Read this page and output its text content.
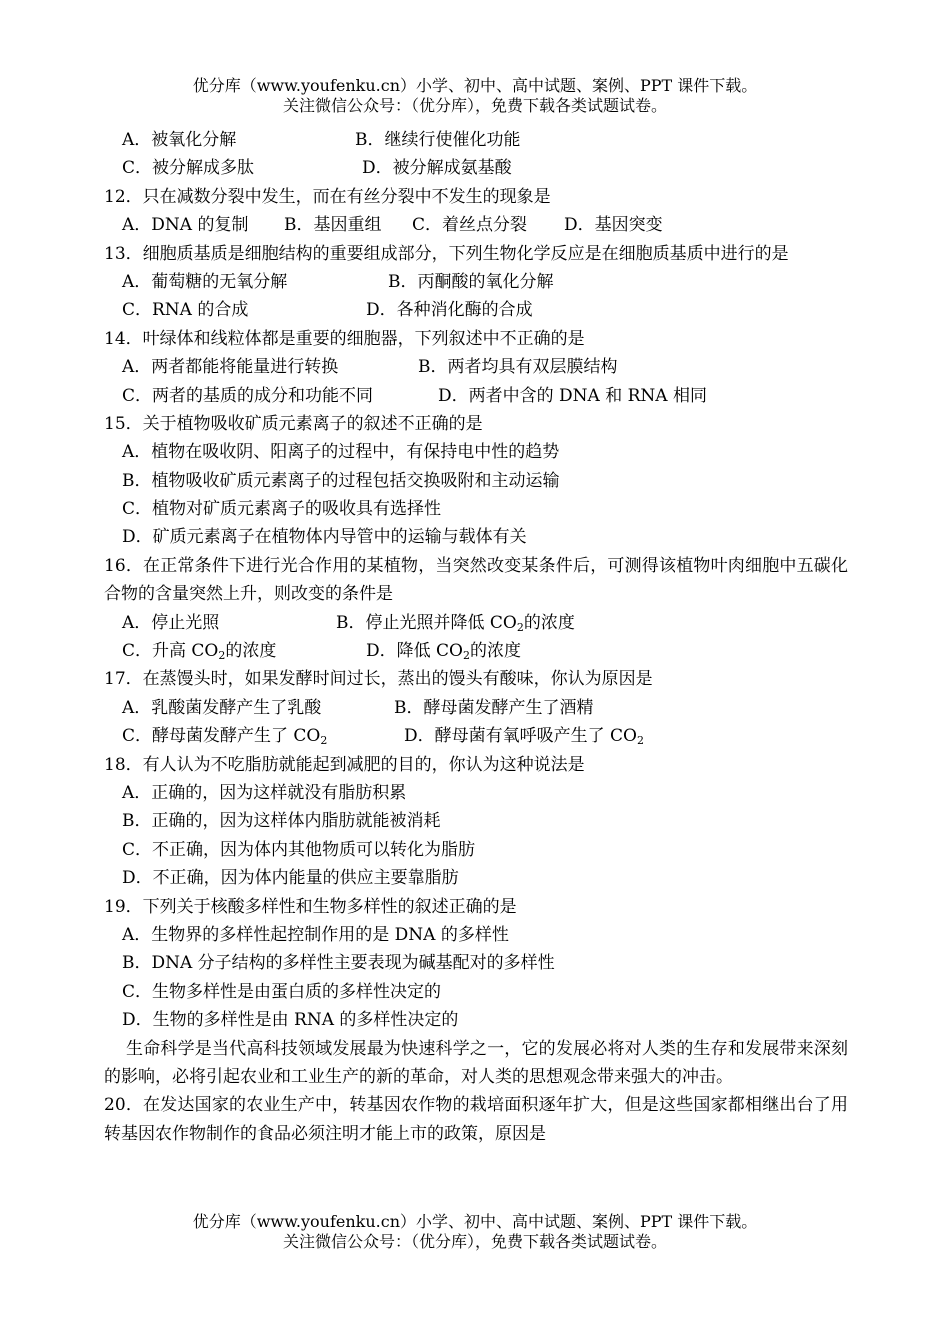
优分库（www.youfenku.cn）小学、初中、高中试题、案例、PPT 课件下载。
关注微信公众号：（优分库），免费下载各类试题试卷。
A．被氧化分解	B．继续行使催化功能
C．被分解成多肽	D．被分解成氨基酸
12．只在减数分裂中发生，而在有丝分裂中不发生的现象是
A．DNA 的复制 B．基因重组 C．着丝点分裂 D．基因突变
13．细胞质基质是细胞结构的重要组成部分，下列生物化学反应是在细胞质基质中进行的是
A．葡萄糖的无氧分解	B．丙酮酸的氧化分解
C．RNA 的合成	D．各种消化酶的合成
14．叶绿体和线粒体都是重要的细胞器，下列叙述中不正确的是
A．两者都能将能量进行转换	B．两者均具有双层膜结构
C．两者的基质的成分和功能不同	D．两者中含的 DNA 和 RNA 相同
15．关于植物吸收矿质元素离子的叙述不正确的是
A．植物在吸收阴、阳离子的过程中，有保持电中性的趋势
B．植物吸收矿质元素离子的过程包括交换吸附和主动运输
C．植物对矿质元素离子的吸收具有选择性
D．矿质元素离子在植物体内导管中的运输与载体有关
16．在正常条件下进行光合作用的某植物，当突然改变某条件后，可测得该植物叶肉细胞中五碳化合物的含量突然上升，则改变的条件是
A．停止光照	B．停止光照并降低 $CO_2$的浓度
C．升高 $CO_2$的浓度	D．降低 $CO_2$的浓度
17．在蒸馒头时，如果发酵时间过长，蒸出的馒头有酸味，你认为原因是
A．乳酸菌发酵产生了乳酸	B．酵母菌发酵产生了酒精
C．酵母菌发酵产生了 $CO_2$	D．酵母菌有氧呼吸产生了 $CO_2$
18．有人认为不吃脂肪就能起到减肥的目的，你认为这种说法是
A．正确的，因为这样就没有脂肪积累
B．正确的，因为这样体内脂肪就能被消耗
C．不正确，因为体内其他物质可以转化为脂肪
D．不正确，因为体内能量的供应主要靠脂肪
19．下列关于核酸多样性和生物多样性的叙述正确的是
A．生物界的多样性起控制作用的是 DNA 的多样性
B．DNA 分子结构的多样性主要表现为碱基配对的多样性
C．生物多样性是由蛋白质的多样性决定的
D．生物的多样性是由 RNA 的多样性决定的
生命科学是当代高科技领域发展最为快速科学之一，它的发展必将对人类的生存和发展带来深刻的影响，必将引起农业和工业生产的新的革命，对人类的思想观念带来强大的冲击。
20．在发达国家的农业生产中，转基因农作物的栽培面积逐年扩大，但是这些国家都相继出台了用转基因农作物制作的食品必须注明才能上市的政策，原因是
优分库（www.youfenku.cn）小学、初中、高中试题、案例、PPT 课件下载。
关注微信公众号：（优分库），免费下载各类试题试卷。
